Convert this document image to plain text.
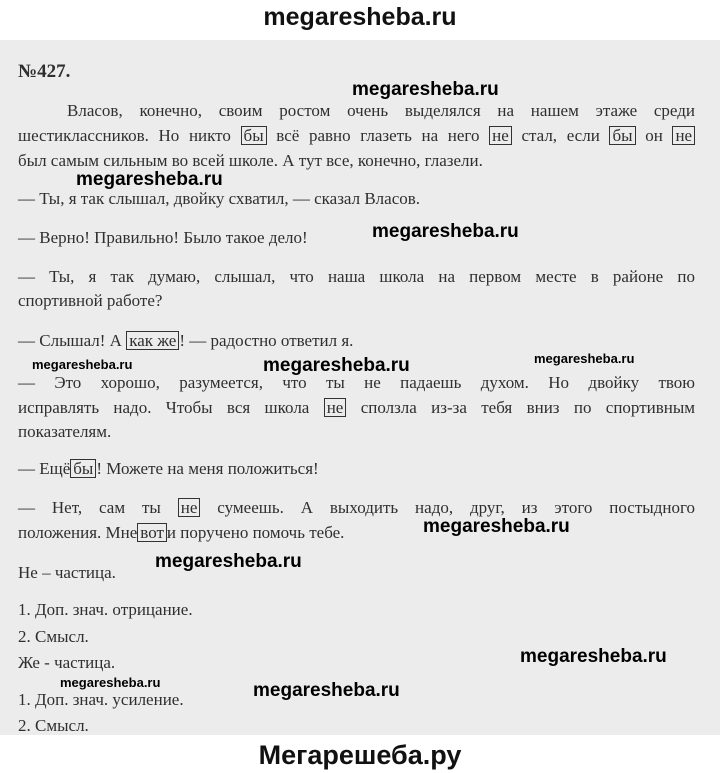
megaresheba.ru

№427.

Власов, конечно, своим ростом очень выделялся на нашем этаже среди

шестиклассников. Но никто бы всё равно глазеть на него не стал, если бы он не

был самым сильным во всей школе. А тут все, конечно, глазели.

— Ты, я так слышал, двойку схватил, — сказал Власов.

— Верно! Правильно! Было такое дело!

— Ты, я так думаю, слышал, что наша школа на первом месте в районе по

спортивной работе?

— Слышал! А как же ! — радостно ответил я.

— Это хорошо, разумеется, что ты не падаешь духом. Но двойку твою

исправлять надо. Чтобы вся школа не сползла из-за тебя вниз по спортивным

показателям.

— Ещё бы ! Можете на меня положиться!

— Нет, сам ты не сумеешь. А выходить надо, друг, из этого постыдного

положения. Мне вот и поручено помочь тебе.

Не – частица.

1. Доп. знач. отрицание.

2. Смысл.

Же - частица.

1. Доп. знач. усиление.

2. Смысл.

megaresheba.ru
megaresheba.ru
megaresheba.ru
megaresheba.ru	megaresheba.ru	megaresheba.ru
megaresheba.ru
megaresheba.ru
megaresheba.ru
megaresheba.ru	megaresheba.ru
Мегарешеба.ру
